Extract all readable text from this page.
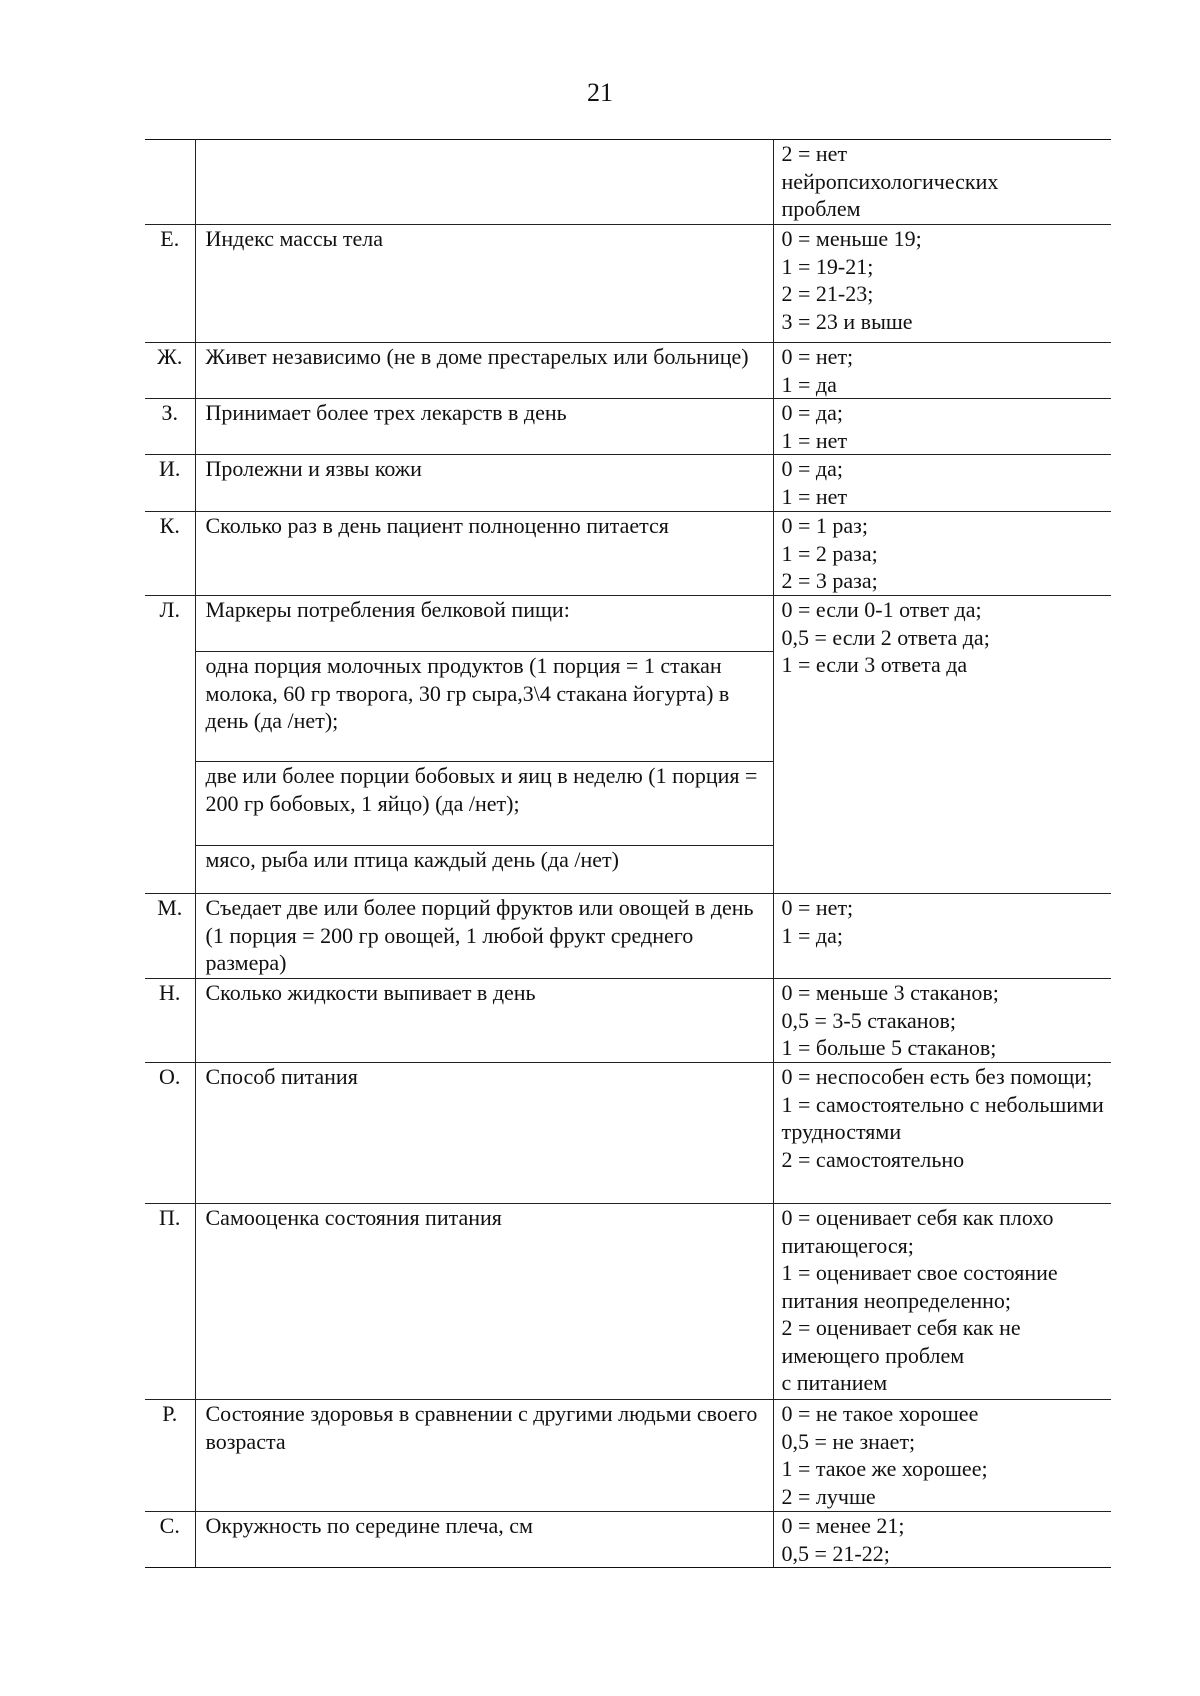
21
		2 = нет
нейропсихологических
проблем
Е.	Индекс массы тела	0 = меньше 19;
1 = 19-21;
2 = 21-23;
3 = 23 и выше
Ж.	Живет независимо (не в доме престарелых или больнице)	0 = нет;
1 = да
З.	Принимает более трех лекарств в день	0 = да;
1 = нет
И.	Пролежни и язвы кожи	0 = да;
1 = нет
К.	Сколько раз в день пациент полноценно питается	0 = 1 раз;
1 = 2 раза;
2 = 3 раза;
Л.	Маркеры потребления белковой пищи:	0 = если 0-1 ответ да;
0,5 = если 2 ответа да;
1 = если 3 ответа да
	одна порция молочных продуктов (1 порция = 1 стакан молока, 60 гр творога, 30 гр сыра,3\4 стакана йогурта) в день (да /нет);	
	две или более порции бобовых и яиц в неделю (1 порция = 200 гр бобовых, 1 яйцо) (да /нет);	
	мясо, рыба или птица каждый день (да /нет)	
М.	Съедает две или более порций фруктов или овощей в день (1 порция = 200 гр овощей, 1 любой фрукт среднего размера)	0 = нет;
1 = да;
Н.	Сколько жидкости выпивает в день	0 = меньше 3 стаканов;
0,5 = 3-5 стаканов;
1 = больше 5 стаканов;
О.	Способ питания	0 = неспособен есть без помощи;
1 = самостоятельно с небольшими трудностями
2 = самостоятельно
П.	Самооценка состояния питания	0 = оценивает себя как плохо питающегося;
1 = оценивает свое состояние питания неопределенно;
2 = оценивает себя как не имеющего проблем
с питанием
Р.	Состояние здоровья в сравнении с другими людьми своего возраста	0 = не такое хорошее
0,5 = не знает;
1 = такое же хорошее;
2 = лучше
С.	Окружность по середине плеча, см	0 = менее 21;
0,5 = 21-22;
